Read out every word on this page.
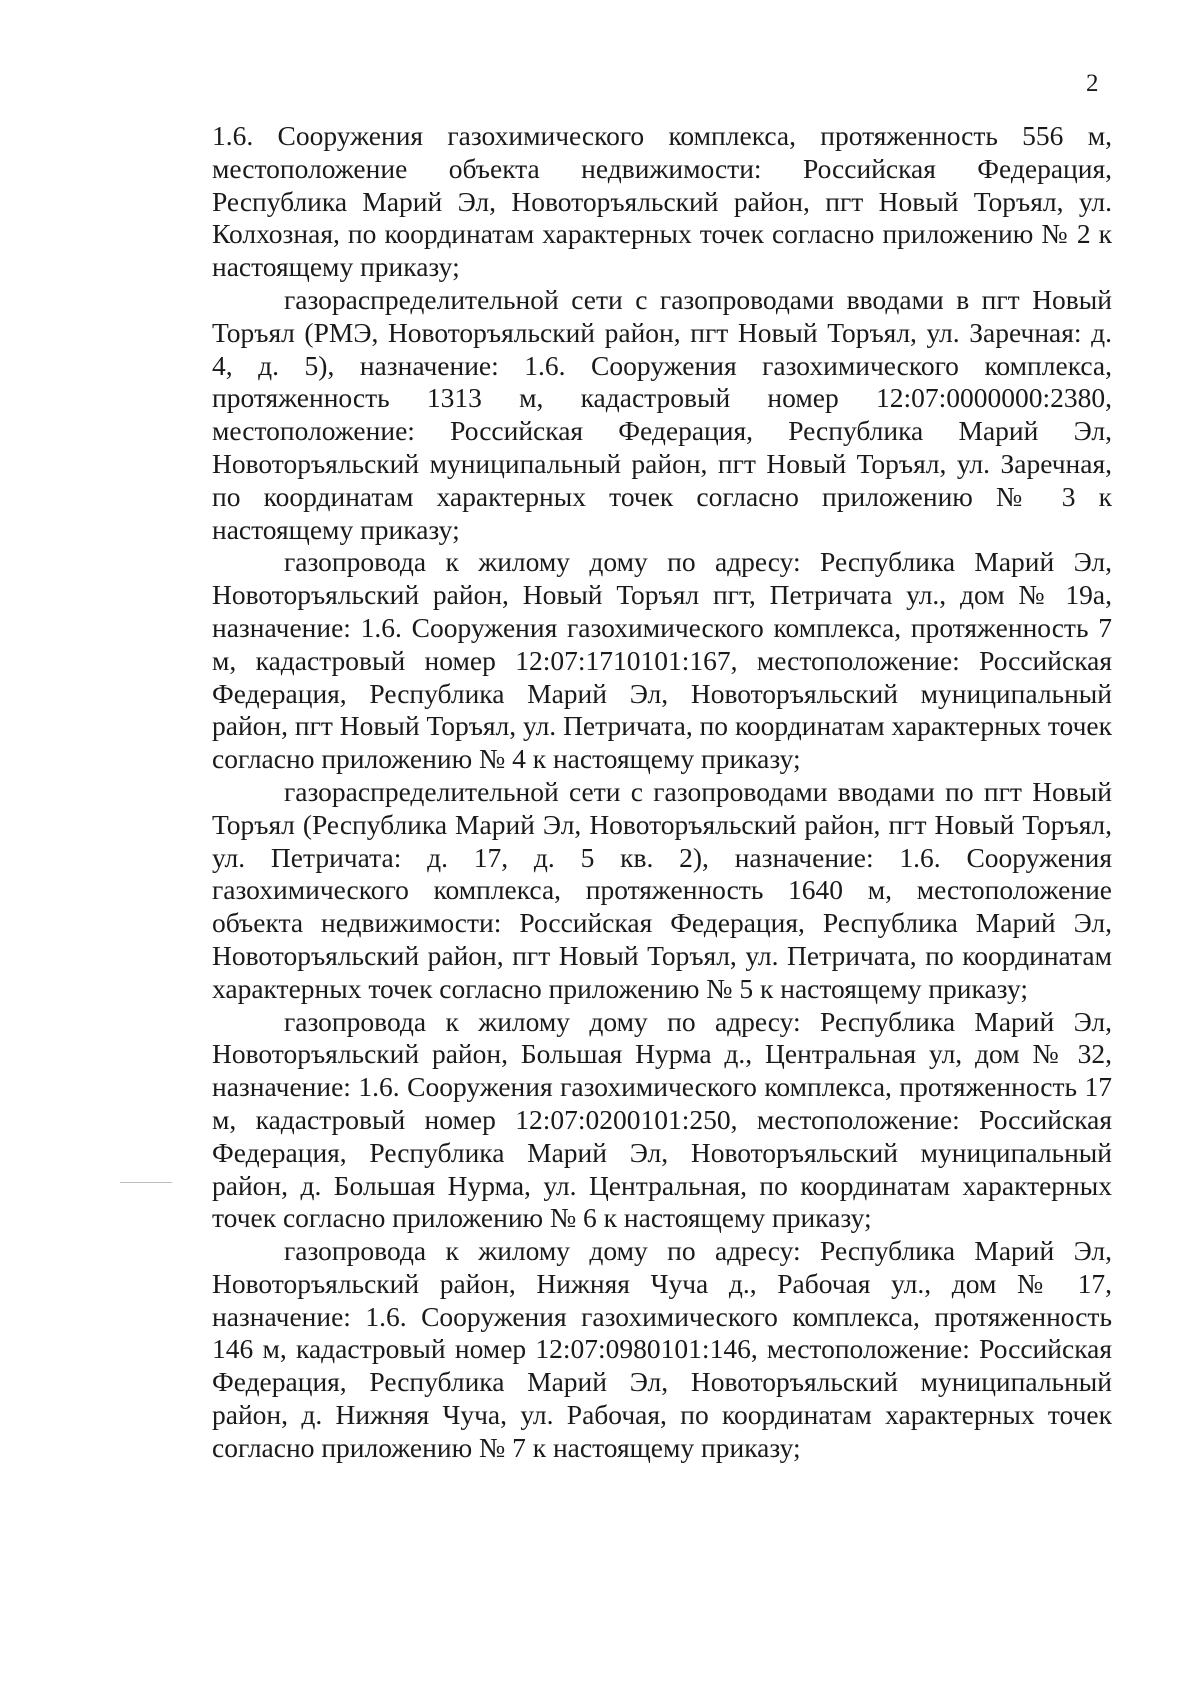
2

1.6. Сооружения газохимического комплекса, протяженность 556 м, местоположение объекта недвижимости: Российская Федерация, Республика Марий Эл, Новоторъяльский район, пгт Новый Торъял, ул. Колхозная, по координатам характерных точек согласно приложению № 2 к настоящему приказу;

газораспределительной сети с газопроводами вводами в пгт Новый Торъял (РМЭ, Новоторъяльский район, пгт Новый Торъял, ул. Заречная: д. 4, д. 5), назначение: 1.6. Сооружения газохимического комплекса, протяженность 1313 м, кадастровый номер 12:07:0000000:2380, местоположение: Российская Федерация, Республика Марий Эл, Новоторъяльский муниципальный район, пгт Новый Торъял, ул. Заречная, по координатам характерных точек согласно приложению № 3 к настоящему приказу;

газопровода к жилому дому по адресу: Республика Марий Эл, Новоторъяльский район, Новый Торъял пгт, Петричата ул., дом № 19а, назначение: 1.6. Сооружения газохимического комплекса, протяженность 7 м, кадастровый номер 12:07:1710101:167, местоположение: Российская Федерация, Республика Марий Эл, Новоторъяльский муниципальный район, пгт Новый Торъял, ул. Петричата, по координатам характерных точек согласно приложению № 4 к настоящему приказу;

газораспределительной сети с газопроводами вводами по пгт Новый Торъял (Республика Марий Эл, Новоторъяльский район, пгт Новый Торъял, ул. Петричата: д. 17, д. 5 кв. 2), назначение: 1.6. Сооружения газохимического комплекса, протяженность 1640 м, местоположение объекта недвижимости: Российская Федерация, Республика Марий Эл, Новоторъяльский район, пгт Новый Торъял, ул. Петричата, по координатам характерных точек согласно приложению № 5 к настоящему приказу;

газопровода к жилому дому по адресу: Республика Марий Эл, Новоторъяльский район, Большая Нурма д., Центральная ул, дом № 32, назначение: 1.6. Сооружения газохимического комплекса, протяженность 17 м, кадастровый номер 12:07:0200101:250, местоположение: Российская Федерация, Республика Марий Эл, Новоторъяльский муниципальный район, д. Большая Нурма, ул. Центральная, по координатам характерных точек согласно приложению № 6 к настоящему приказу;

газопровода к жилому дому по адресу: Республика Марий Эл, Новоторъяльский район, Нижняя Чуча д., Рабочая ул., дом № 17, назначение: 1.6. Сооружения газохимического комплекса, протяженность 146 м, кадастровый номер 12:07:0980101:146, местоположение: Российская Федерация, Республика Марий Эл, Новоторъяльский муниципальный район, д. Нижняя Чуча, ул. Рабочая, по координатам характерных точек согласно приложению № 7 к настоящему приказу;
